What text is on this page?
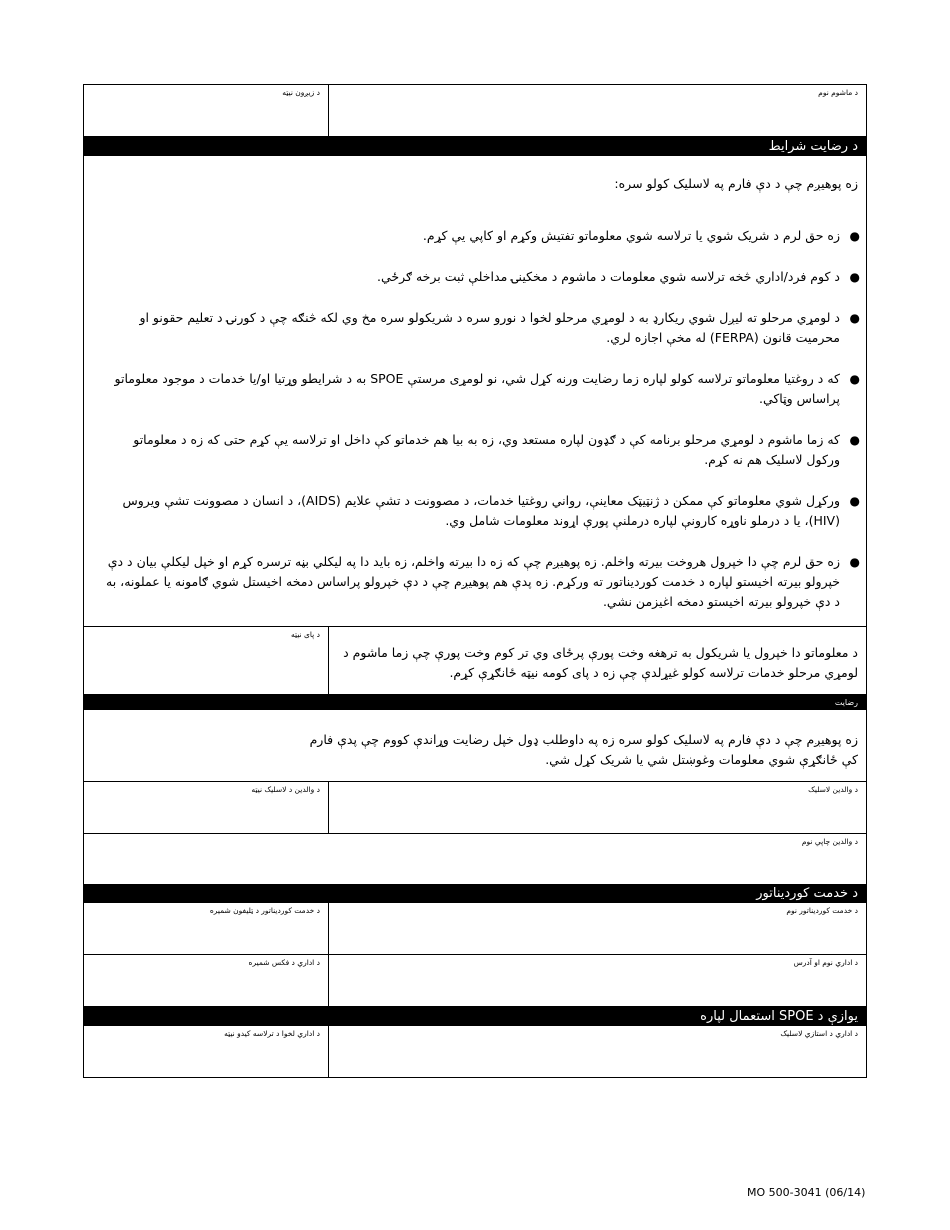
د ماشوم نوم
د زیږون نیټه
د رضایت شرایط
زه پوهیږم چې د دې فارم په لاسلیک کولو سره:
●
زه حق لرم د شریک شوي یا ترلاسه شوي معلوماتو تفتیش وکړم او کاپي یې کړم.
●
د کوم فرد/اداري څخه ترلاسه شوي معلومات د ماشوم د مخکینۍ مداخلې ثبت برخه ګرځي.
●
د لومړي مرحلو ته لیږل شوي ریکارډ به د لومړي مرحلو لخوا د نورو سره د شریکولو سره مخ وي لکه څنګه چې د کورنۍ د تعلیم حقونو او محرمیت قانون (FERPA) له مخې اجازه لري.
●
که د روغتیا معلوماتو ترلاسه کولو لپاره زما رضایت ورنه کړل شي، نو لومړی مرستې SPOE به د شرایطو وړتیا او/یا خدمات د موجود معلوماتو پراساس وټاکي.
●
که زما ماشوم د لومړي مرحلو برنامه کې د ګډون لپاره مستعد وي، زه به بیا هم خدماتو کې داخل او ترلاسه یې کړم حتی که زه د معلوماتو ورکول لاسلیک هم نه کړم.
●
ورکړل شوي معلوماتو کې ممکن د ژنټیټک معاینې، رواني روغتیا خدمات، د مصوونت د تشې علایم (AIDS)، د انسان د مصوونت تشې ویروس (HIV)، یا د درملو ناوړه کارونې لپاره درملنې پورې اړوند معلومات شامل وي.
●
زه حق لرم چې دا خپرول هروخت بیرته واخلم. زه پوهیږم چې که زه دا بیرته واخلم، زه باید دا په لیکلي بڼه ترسره کړم او خپل لیکلې بیان د دې خپرولو بیرته اخیستو لپاره د خدمت کوردیناتور ته ورکړم. زه پدې هم پوهیږم چې د دې خپرولو پراساس دمخه اخیستل شوي ګامونه یا عملونه، به د دې خپرولو بیرته اخیستو دمخه اغیزمن نشي.
د معلوماتو دا خپرول یا شریکول به ترهغه وخت پورې پرځای وي تر کوم وخت پورې چې زما ماشوم د لومړي مرحلو خدمات ترلاسه کولو غیړلدې چې زه د پای کومه نیټه ځانګړې کړم.
د پای نیټه
رضایت
زه پوهیږم چې د دې فارم په لاسلیک کولو سره زه په داوطلب ډول خپل رضایت وړاندې کووم چې پدې فارم کې ځانګړې شوي معلومات وغوښتل شي یا شریک کړل شي.
د والدین لاسلیک
د والدین د لاسلیک نیټه
د والدین چاپي نوم
د خدمت کوردیناتور
د خدمت کوردیناتور نوم
د خدمت کوردیناتور د ټلیفون شمیره
د اداري نوم او آدرس
د اداري د فکس شمیره
یوازې د SPOE استعمال لپاره
د اداري د استازي لاسلیک
د اداري لخوا د ترلاسه کیدو نیټه
MO 500-3041 (06/14)
